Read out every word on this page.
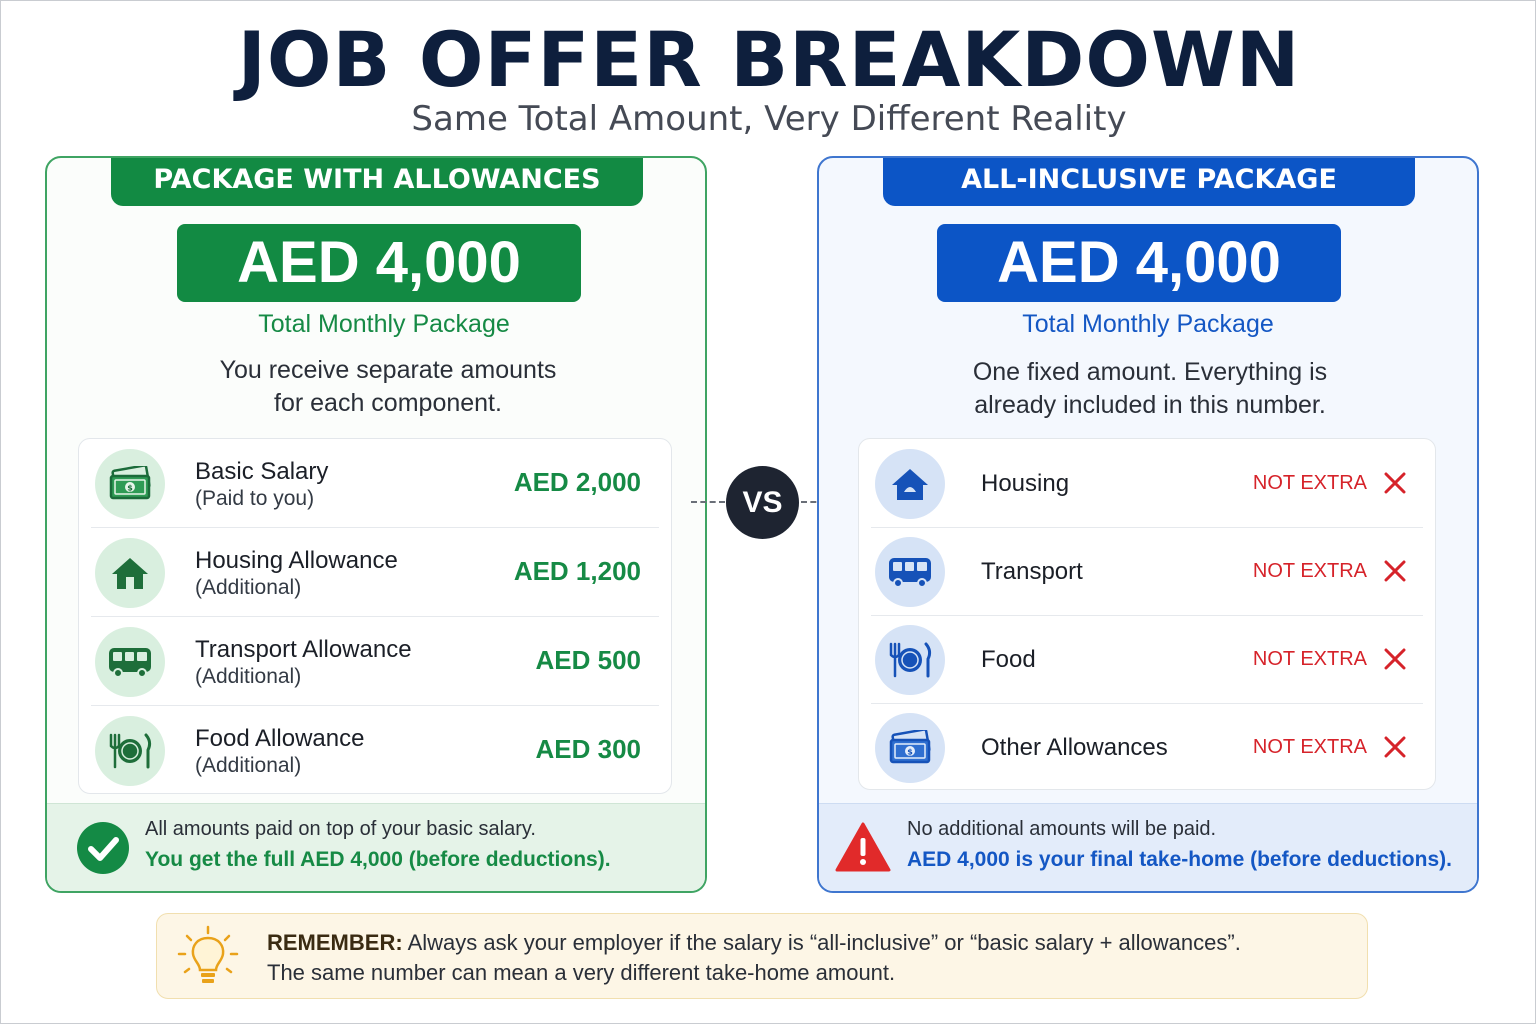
JOB OFFER BREAKDOWN
Same Total Amount, Very Different Reality
PACKAGE WITH ALLOWANCES
AED 4,000
Total Monthly Package
You receive separate amounts
for each component.
$
Basic Salary
(Paid to you)
AED 2,000
Housing Allowance
(Additional)
AED 1,200
Transport Allowance
(Additional)
AED 500
Food Allowance
(Additional)
AED 300
All amounts paid on top of your basic salary.
You get the full AED 4,000 (before deductions).
VS
ALL-INCLUSIVE PACKAGE
AED 4,000
Total Monthly Package
One fixed amount. Everything is
already included in this number.
Housing	NOT EXTRA
Transport	NOT EXTRA
Food	NOT EXTRA
$	Other Allowances	NOT EXTRA
No additional amounts will be paid.
AED 4,000 is your final take-home (before deductions).
REMEMBER: Always ask your employer if the salary is “all-inclusive” or “basic salary + allowances”.
The same number can mean a very different take-home amount.
